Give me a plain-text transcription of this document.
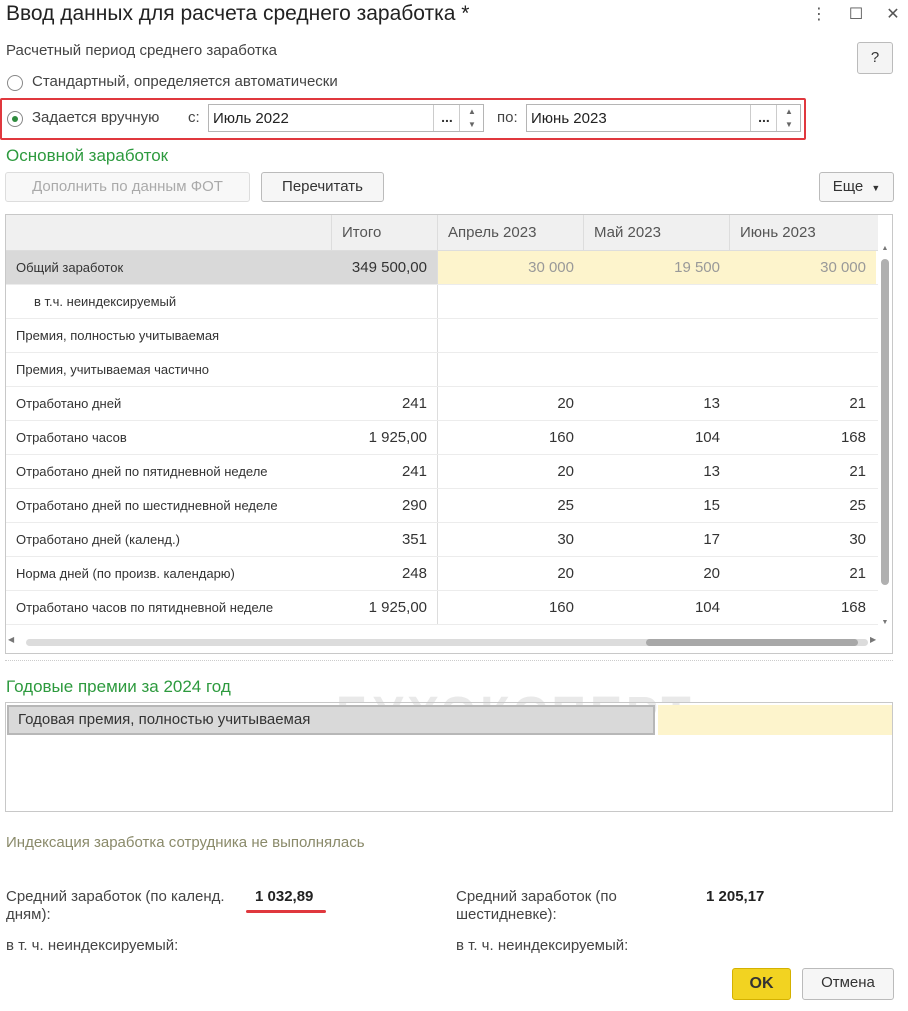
Ввод данных для расчета среднего заработка *	⋮ ☐ ✕
Расчетный период среднего заработка	?
Стандартный, определяется автоматически
Задается вручную с: Июль 2022	...	▲
▼	по: Июнь 2023	...	▲
▼
Основной заработок
Дополнить по данным ФОТ	Перечитать	Еще ▼
Итого	Апрель 2023	Май 2023	Июнь 2023
Общий заработок	349 500,00	30 000	19 500	30 000
в т.ч. неиндексируемый
Премия, полностью учитываемая
Премия, учитываемая частично
Отработано дней	241	20	13	21
Отработано часов	1 925,00	160	104	168
Отработано дней по пятидневной неделе	241	20	13	21
Отработано дней по шестидневной неделе	290	25	15	25
Отработано дней (календ.)	351	30	17	30
Норма дней (по произв. календарю)	248	20	20	21
Отработано часов по пятидневной неделе	1 925,00	160	104	168
▲
▼
◀	▶
Годовые премии за 2024 год
Годовая премия, полностью учитываемая
Индексация заработка сотрудника не выполнялась
Средний заработок (по календ.
дням):
1 032,89
в т. ч. неиндексируемый:
Средний заработок (по
шестидневке):
1 205,17
в т. ч. неиндексируемый:
OK	Отмена
